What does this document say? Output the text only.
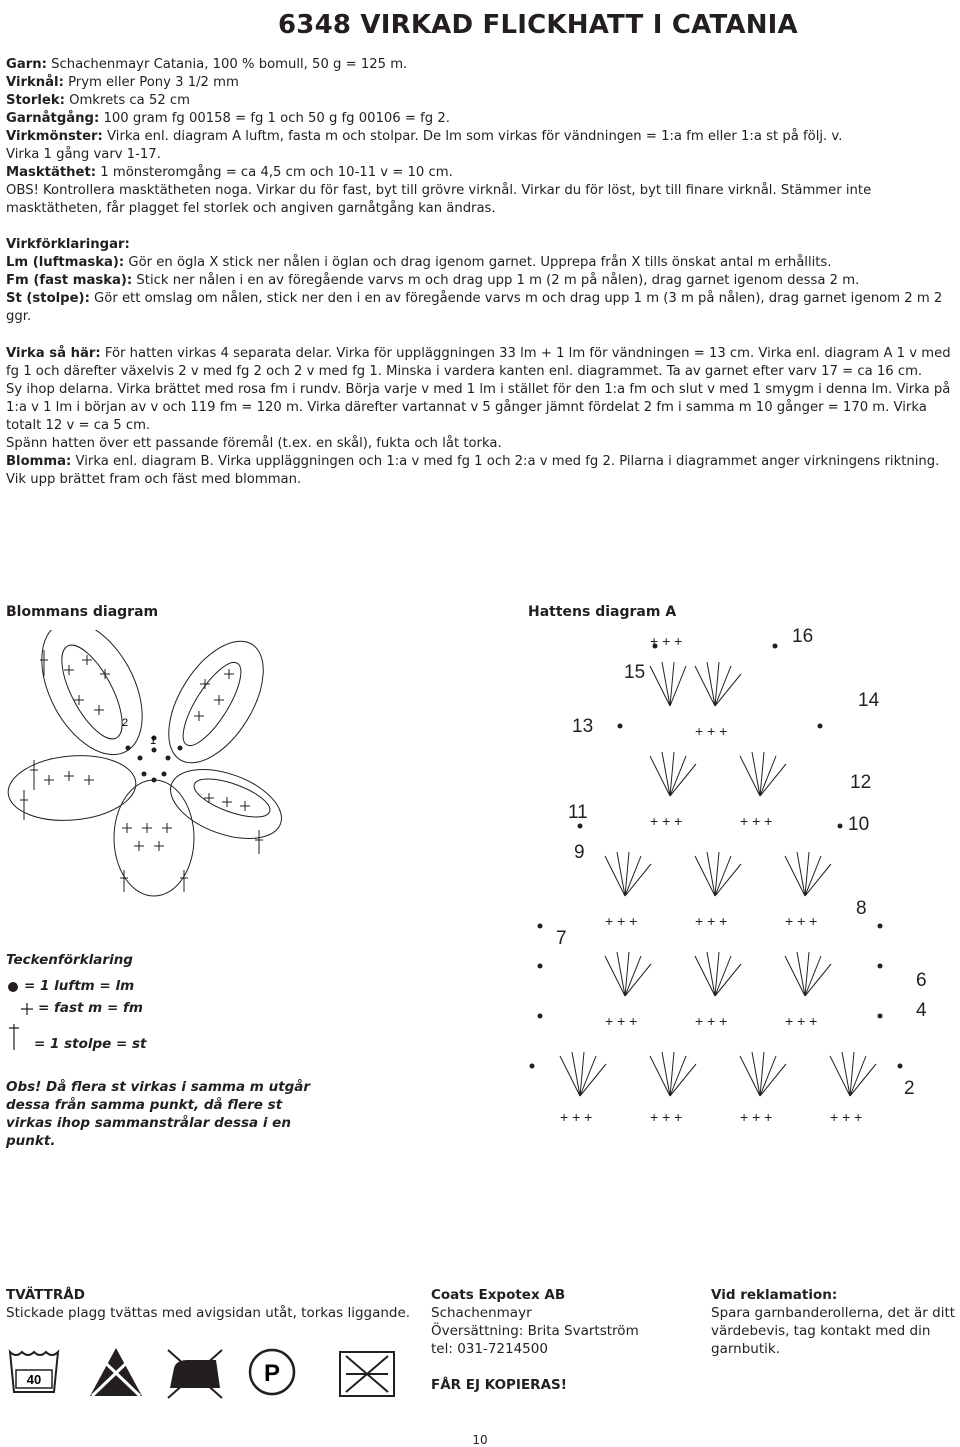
6348 VIRKAD FLICKHATT I CATANIA

Garn: Schachenmayr Catania, 100 % bomull, 50 g = 125 m.

Virknål: Prym eller Pony 3 1/2 mm

Storlek: Omkrets ca 52 cm

Garnåtgång: 100 gram fg 00158 = fg 1 och 50 g fg 00106 = fg 2.

Virkmönster: Virka enl. diagram A luftm, fasta m och stolpar. De lm som virkas för vändningen = 1:a fm eller 1:a st på följ. v.

Virka 1 gång varv 1-17.

Masktäthet: 1 mönsteromgång = ca 4,5 cm och 10-11 v = 10 cm.

OBS! Kontrollera masktätheten noga. Virkar du för fast, byt till grövre virknål. Virkar du för löst, byt till finare virknål. Stämmer inte masktätheten, får plagget fel storlek och angiven garnåtgång kan ändras.

Virkförklaringar:

Lm (luftmaska): Gör en ögla X stick ner nålen i öglan och drag igenom garnet. Upprepa från X tills önskat antal m erhållits.

Fm (fast maska): Stick ner nålen i en av föregående varvs m och drag upp 1 m (2 m på nålen), drag garnet igenom dessa 2 m.

St (stolpe): Gör ett omslag om nålen, stick ner den i en av föregående varvs m och drag upp 1 m (3 m på nålen), drag garnet igenom 2 m 2 ggr.

Virka så här: För hatten virkas 4 separata delar. Virka för uppläggningen 33 lm + 1 lm för vändningen = 13 cm. Virka enl. diagram A 1 v med fg 1 och därefter växelvis 2 v med fg 2 och 2 v med fg 1. Minska i vardera kanten enl. diagrammet. Ta av garnet efter varv 17 = ca 16 cm.

Sy ihop delarna. Virka brättet med rosa fm i rundv. Börja varje v med 1 lm i stället för den 1:a fm och slut v med 1 smygm i denna lm. Virka på 1:a v 1 lm i början av v och 119 fm = 120 m. Virka därefter vartannat v 5 gånger jämnt fördelat 2 fm i samma m 10 gånger = 170 m. Virka totalt 12 v = ca 5 cm.

Spänn hatten över ett passande föremål (t.ex. en skål), fukta och låt torka.

Blomma: Virka enl. diagram B. Virka uppläggningen och 1:a v med fg 1 och 2:a v med fg 2. Pilarna i diagrammet anger virkningens riktning. Vik upp brättet fram och fäst med blomman.

Blommans diagram	Hattens diagram A
1
2
+ + +	+ + +	+ + +	+ + +
+ + +	+ + +	+ + +
+ + +	+ + +	+ + +
+ + +	+ + +
+ + +
+ + +	16
15
14
13
12
11
10
9
8
7
6
4
2
Teckenförklaring
= 1 luftm = lm
= fast m = fm
= 1 stolpe = st
Obs! Då flera st virkas i samma m utgår dessa från samma punkt, då flere st virkas ihop sammanstrålar dessa i en punkt.
TVÄTTRÅD
Stickade plagg tvättas med avigsidan utåt, torkas liggande.
40	P
Coats Expotex AB
Schachenmayr
Översättning: Brita Svartström
tel: 031-7214500
FÅR EJ KOPIERAS!
Vid reklamation:
Spara garnbanderollerna, det är ditt värdebevis, tag kontakt med din garnbutik.
10
